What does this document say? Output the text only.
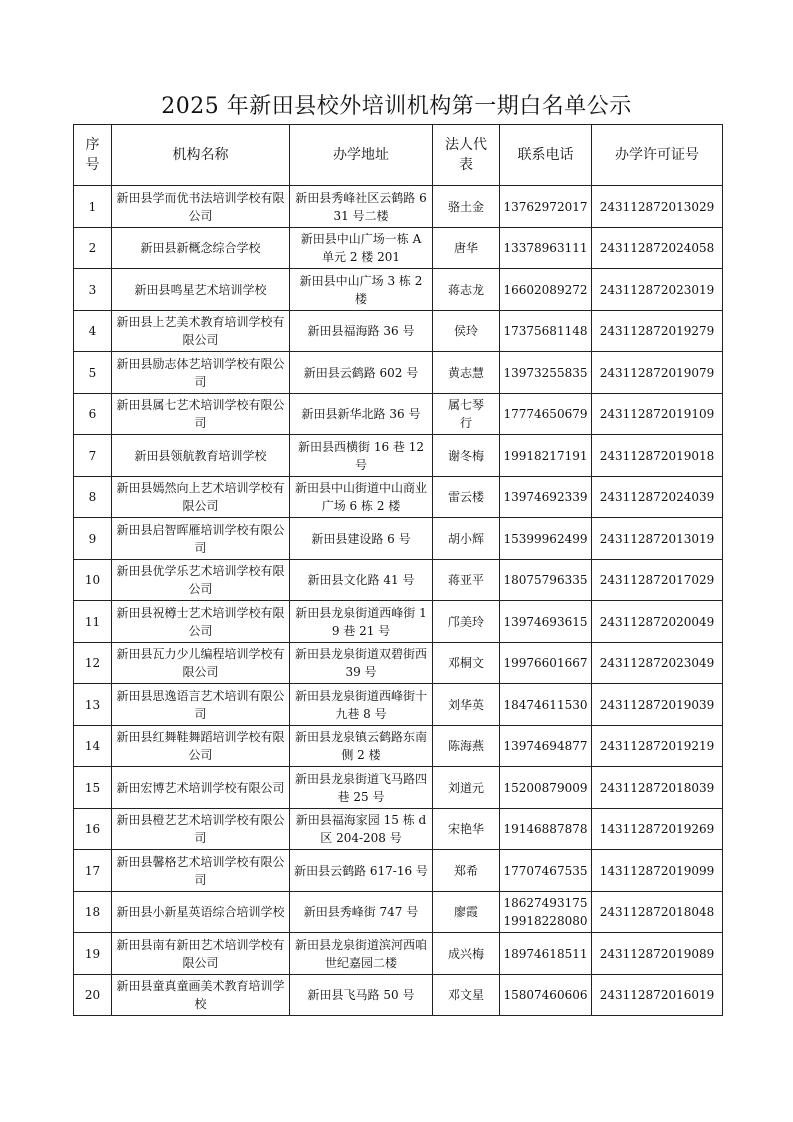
2025 年新田县校外培训机构第一期白名单公示
序号	机构名称	办学地址	法人代表	联系电话	办学许可证号
1	新田县学而优书法培训学校有限公司	新田县秀峰社区云鹤路 631 号二楼	骆土金	13762972017	243112872013029
2	新田县新概念综合学校	新田县中山广场一栋 A 单元 2 楼 201	唐华	13378963111	243112872024058
3	新田县鸣星艺术培训学校	新田县中山广场 3 栋 2 楼	蒋志龙	16602089272	243112872023019
4	新田县上艺美术教育培训学校有限公司	新田县福海路 36 号	侯玲	17375681148	243112872019279
5	新田县励志体艺培训学校有限公司	新田县云鹤路 602 号	黄志慧	13973255835	243112872019079
6	新田县属七艺术培训学校有限公司	新田县新华北路 36 号	属七琴行	17774650679	243112872019109
7	新田县领航教育培训学校	新田县西横街 16 巷 12 号	谢冬梅	19918217191	243112872019018
8	新田县嫣然向上艺术培训学校有限公司	新田县中山街道中山商业广场 6 栋 2 楼	雷云楼	13974692339	243112872024039
9	新田县启智晖雁培训学校有限公司	新田县建设路 6 号	胡小辉	15399962499	243112872013019
10	新田县优学乐艺术培训学校有限公司	新田县文化路 41 号	蒋亚平	18075796335	243112872017029
11	新田县祝樽士艺术培训学校有限公司	新田县龙泉街道西峰街 19 巷 21 号	邝美玲	13974693615	243112872020049
12	新田县瓦力少儿编程培训学校有限公司	新田县龙泉街道双碧街西 39 号	邓桐文	19976601667	243112872023049
13	新田县思逸语言艺术培训有限公司	新田县龙泉街道西峰街十九巷 8 号	刘华英	18474611530	243112872019039
14	新田县红舞鞋舞蹈培训学校有限公司	新田县龙泉镇云鹤路东南侧 2 楼	陈海燕	13974694877	243112872019219
15	新田宏博艺术培训学校有限公司	新田县龙泉街道飞马路四巷 25 号	刘道元	15200879009	243112872018039
16	新田县橙艺艺术培训学校有限公司	新田县福海家园 15 栋 d 区 204-208 号	宋艳华	19146887878	143112872019269
17	新田县馨格艺术培训学校有限公司	新田县云鹤路 617-16 号	郑希	17707467535	143112872019099
18	新田县小新星英语综合培训学校	新田县秀峰街 747 号	廖霞	18627493175 19918228080	243112872018048
19	新田县南有新田艺术培训学校有限公司	新田县龙泉街道滨河西咱世纪嘉园二楼	成兴梅	18974618511	243112872019089
20	新田县童真童画美术教育培训学校	新田县飞马路 50 号	邓文星	15807460606	243112872016019
